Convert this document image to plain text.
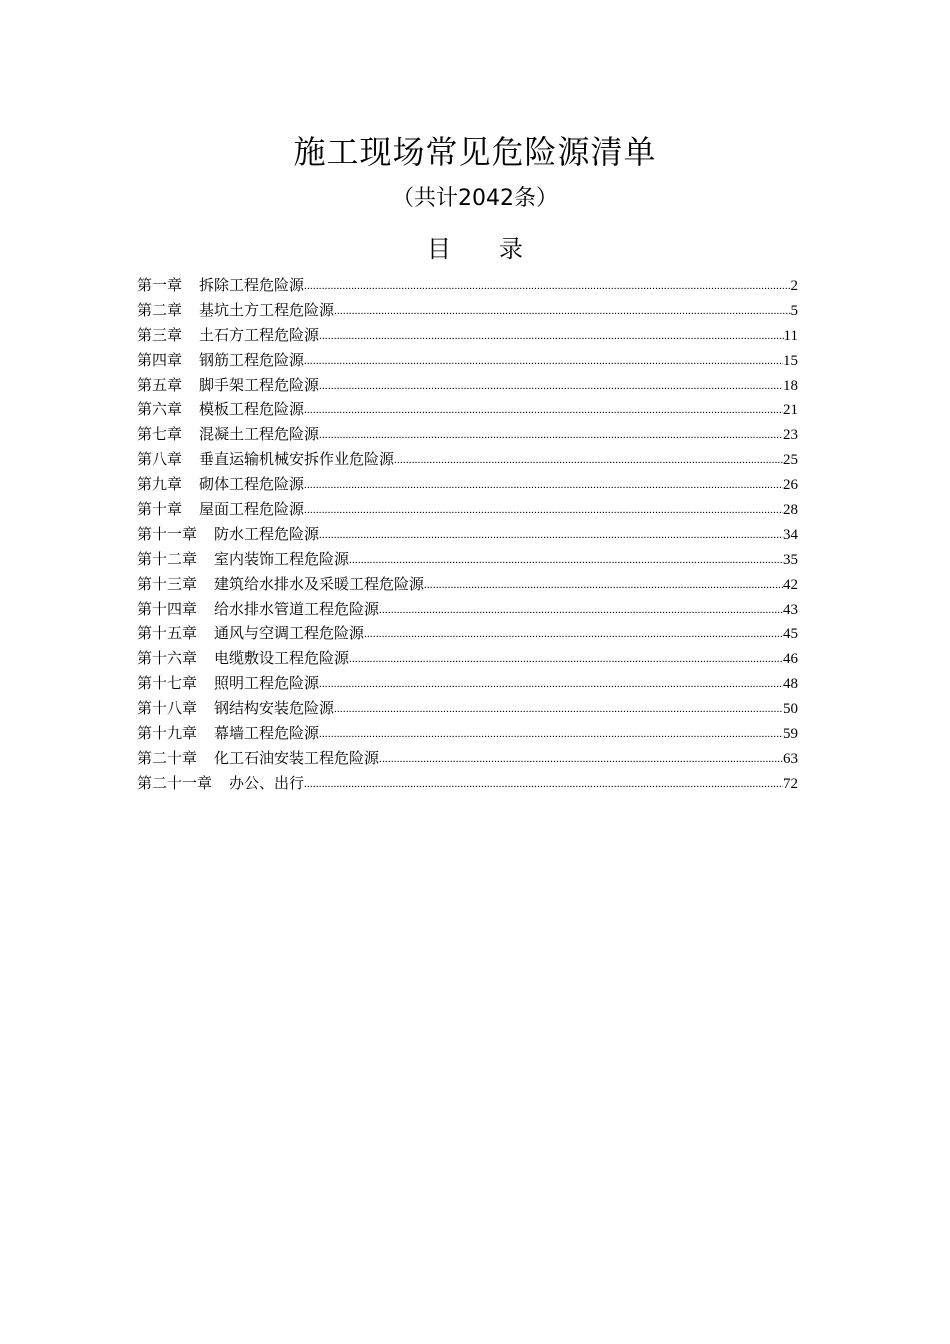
施工现场常见危险源清单
（共计2042条）
目 录
第一章	拆除工程危险源 .....	2
第二章	基坑土方工程危险源 .....	5
第三章	土石方工程危险源 .....	11
第四章	钢筋工程危险源 .....	15
第五章	脚手架工程危险源 .....	18
第六章	模板工程危险源 .....	21
第七章	混凝土工程危险源 .....	23
第八章	垂直运输机械安拆作业危险源 .....	25
第九章	砌体工程危险源 .....	26
第十章	屋面工程危险源 .....	28
第十一章	防水工程危险源 .....	34
第十二章	室内装饰工程危险源 .....	35
第十三章	建筑给水排水及采暖工程危险源 .....	42
第十四章	给水排水管道工程危险源 .....	43
第十五章	通风与空调工程危险源 .....	45
第十六章	电缆敷设工程危险源 .....	46
第十七章	照明工程危险源 .....	48
第十八章	钢结构安装危险源 .....	50
第十九章	幕墙工程危险源 .....	59
第二十章	化工石油安装工程危险源 .....	63
第二十一章	办公、出行 .....	72
